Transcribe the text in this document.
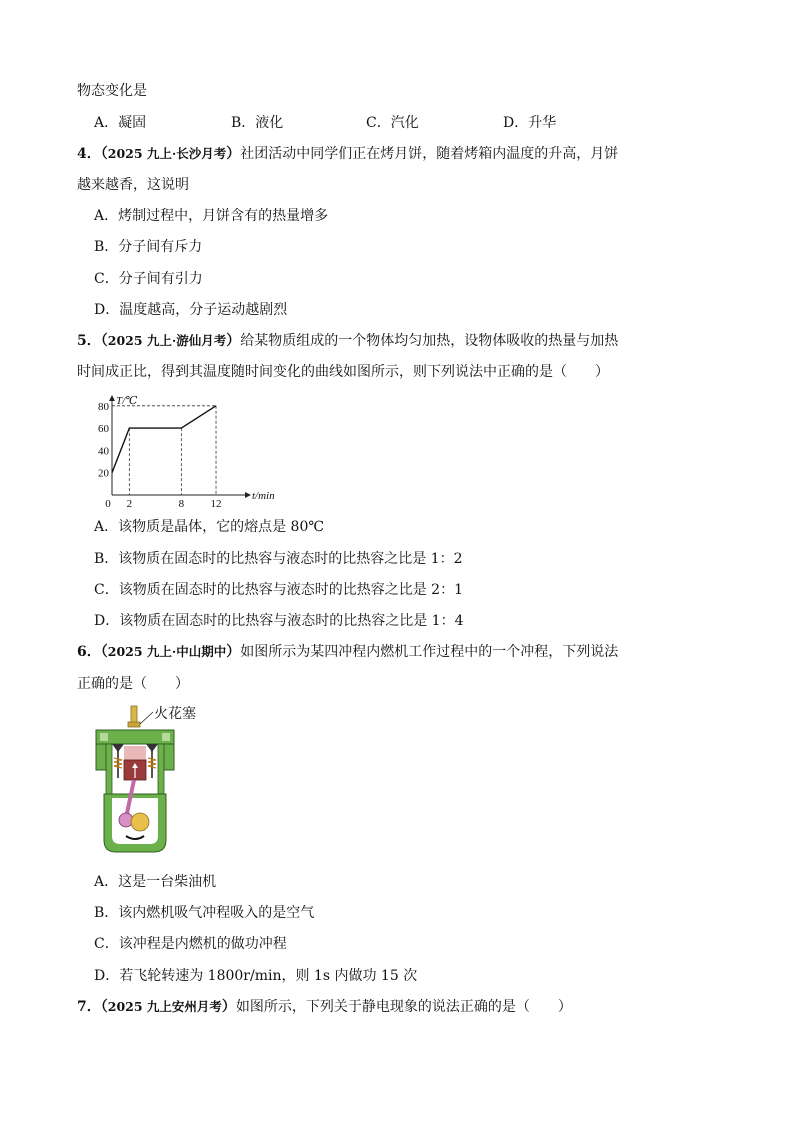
物态变化是
A．凝固	B．液化	C．汽化	D．升华
4．（2025 九上·长沙月考）社团活动中同学们正在烤月饼，随着烤箱内温度的升高，月饼
越来越香，这说明
A．烤制过程中，月饼含有的热量增多
B．分子间有斥力
C．分子间有引力
D．温度越高，分子运动越剧烈
5．（2025 九上·游仙月考）给某物质组成的一个物体均匀加热，设物体吸收的热量与加热
时间成正比，得到其温度随时间变化的曲线如图所示，则下列说法中正确的是（　　）
T/℃
t/min
20
40
60
80
0 2	8 12
A．该物质是晶体，它的熔点是 80℃
B．该物质在固态时的比热容与液态时的比热容之比是 1：2
C．该物质在固态时的比热容与液态时的比热容之比是 2：1
D．该物质在固态时的比热容与液态时的比热容之比是 1：4
6．（2025 九上·中山期中）如图所示为某四冲程内燃机工作过程中的一个冲程，下列说法
正确的是（　　）
火花塞
A．这是一台柴油机
B．该内燃机吸气冲程吸入的是空气
C．该冲程是内燃机的做功冲程
D．若飞轮转速为 1800r/min，则 1s 内做功 15 次
7．（2025 九上安州月考）如图所示，下列关于静电现象的说法正确的是（　　）
